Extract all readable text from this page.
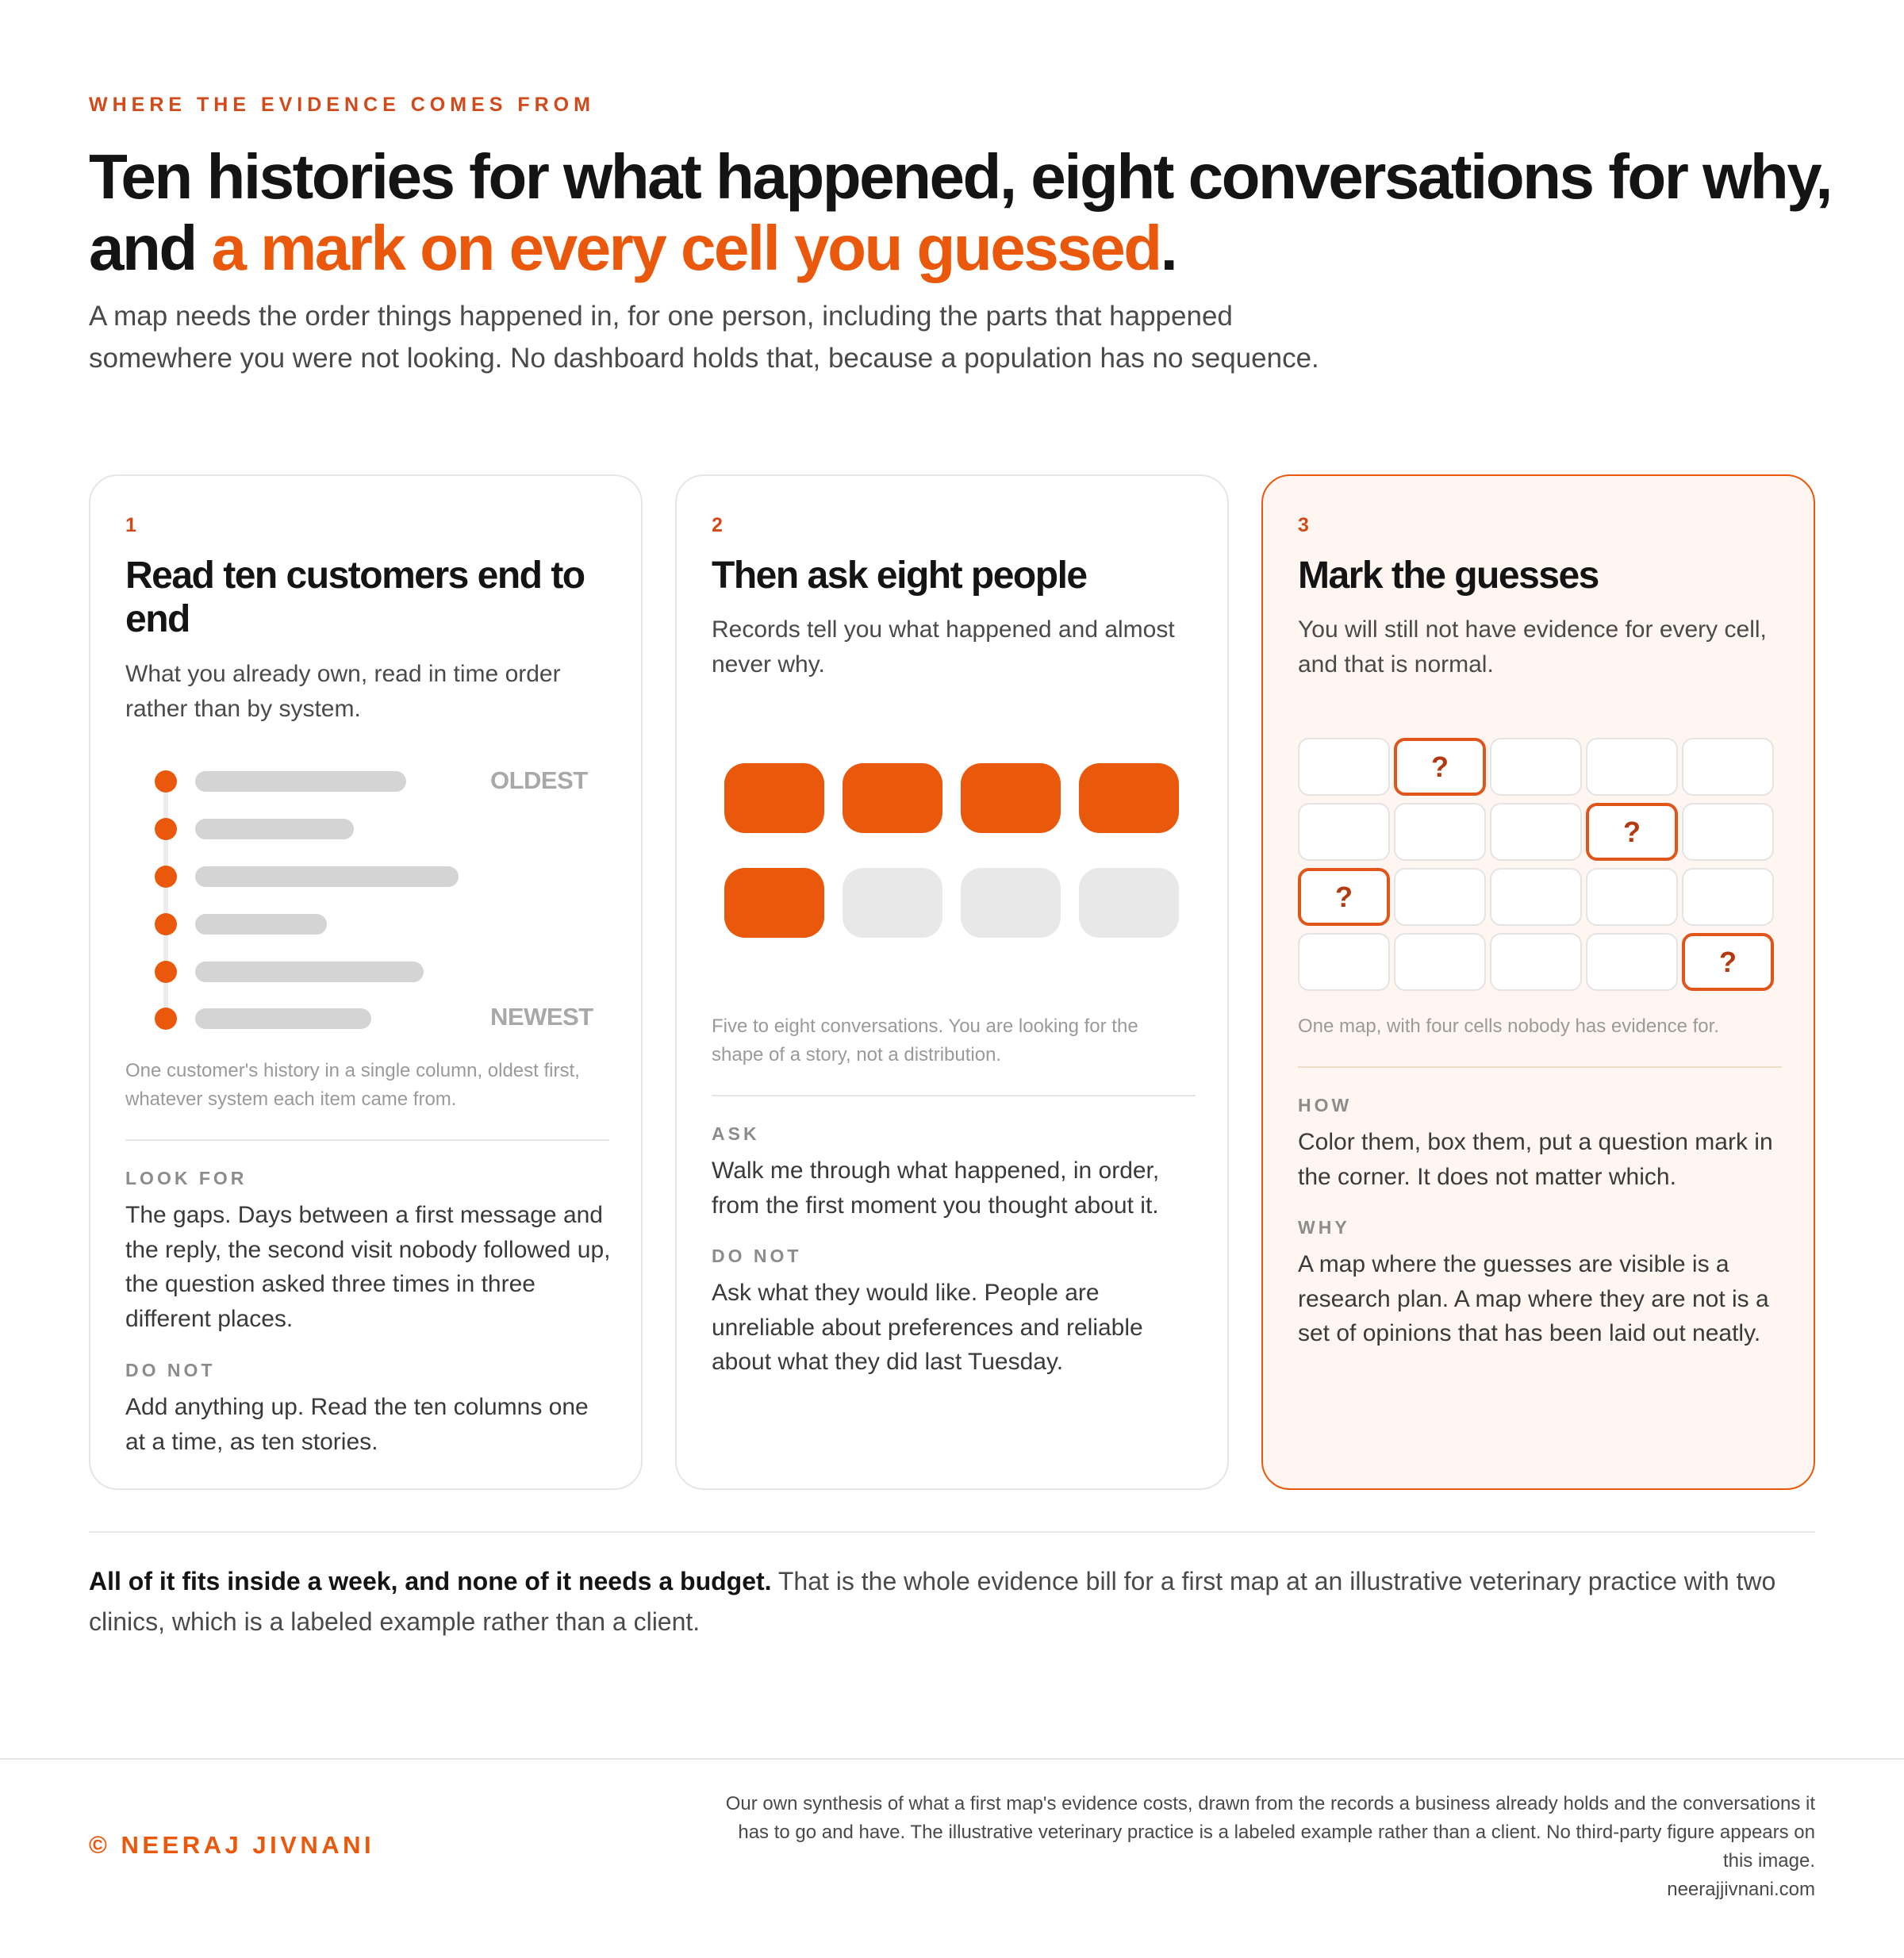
WHERE THE EVIDENCE COMES FROM
Ten histories for what happened, eight conversations for why, and a mark on every cell you guessed.

A map needs the order things happened in, for one person, including the parts that happened somewhere you were not looking. No dashboard holds that, because a population has no sequence.

1
Read ten customers end to end
What you already own, read in time order rather than by system.
OLDEST
NEWEST
One customer's history in a single column, oldest first, whatever system each item came from.
LOOK FOR
The gaps. Days between a first message and the reply, the second visit nobody followed up, the question asked three times in three different places.
DO NOT
Add anything up. Read the ten columns one at a time, as ten stories.
2
Then ask eight people
Records tell you what happened and almost never why.
Five to eight conversations. You are looking for the shape of a story, not a distribution.
ASK
Walk me through what happened, in order, from the first moment you thought about it.
DO NOT
Ask what they would like. People are unreliable about preferences and reliable about what they did last Tuesday.
3
Mark the guesses
You will still not have evidence for every cell, and that is normal.
?
?
?
?
One map, with four cells nobody has evidence for.
HOW
Color them, box them, put a question mark in the corner. It does not matter which.
WHY
A map where the guesses are visible is a research plan. A map where they are not is a set of opinions that has been laid out neatly.

All of it fits inside a week, and none of it needs a budget. That is the whole evidence bill for a first map at an illustrative veterinary practice with two clinics, which is a labeled example rather than a client.

© NEERAJ JIVNANI
Our own synthesis of what a first map's evidence costs, drawn from the records a business already holds and the conversations it has to go and have. The illustrative veterinary practice is a labeled example rather than a client. No third-party figure appears on this image.
neerajjivnani.com
